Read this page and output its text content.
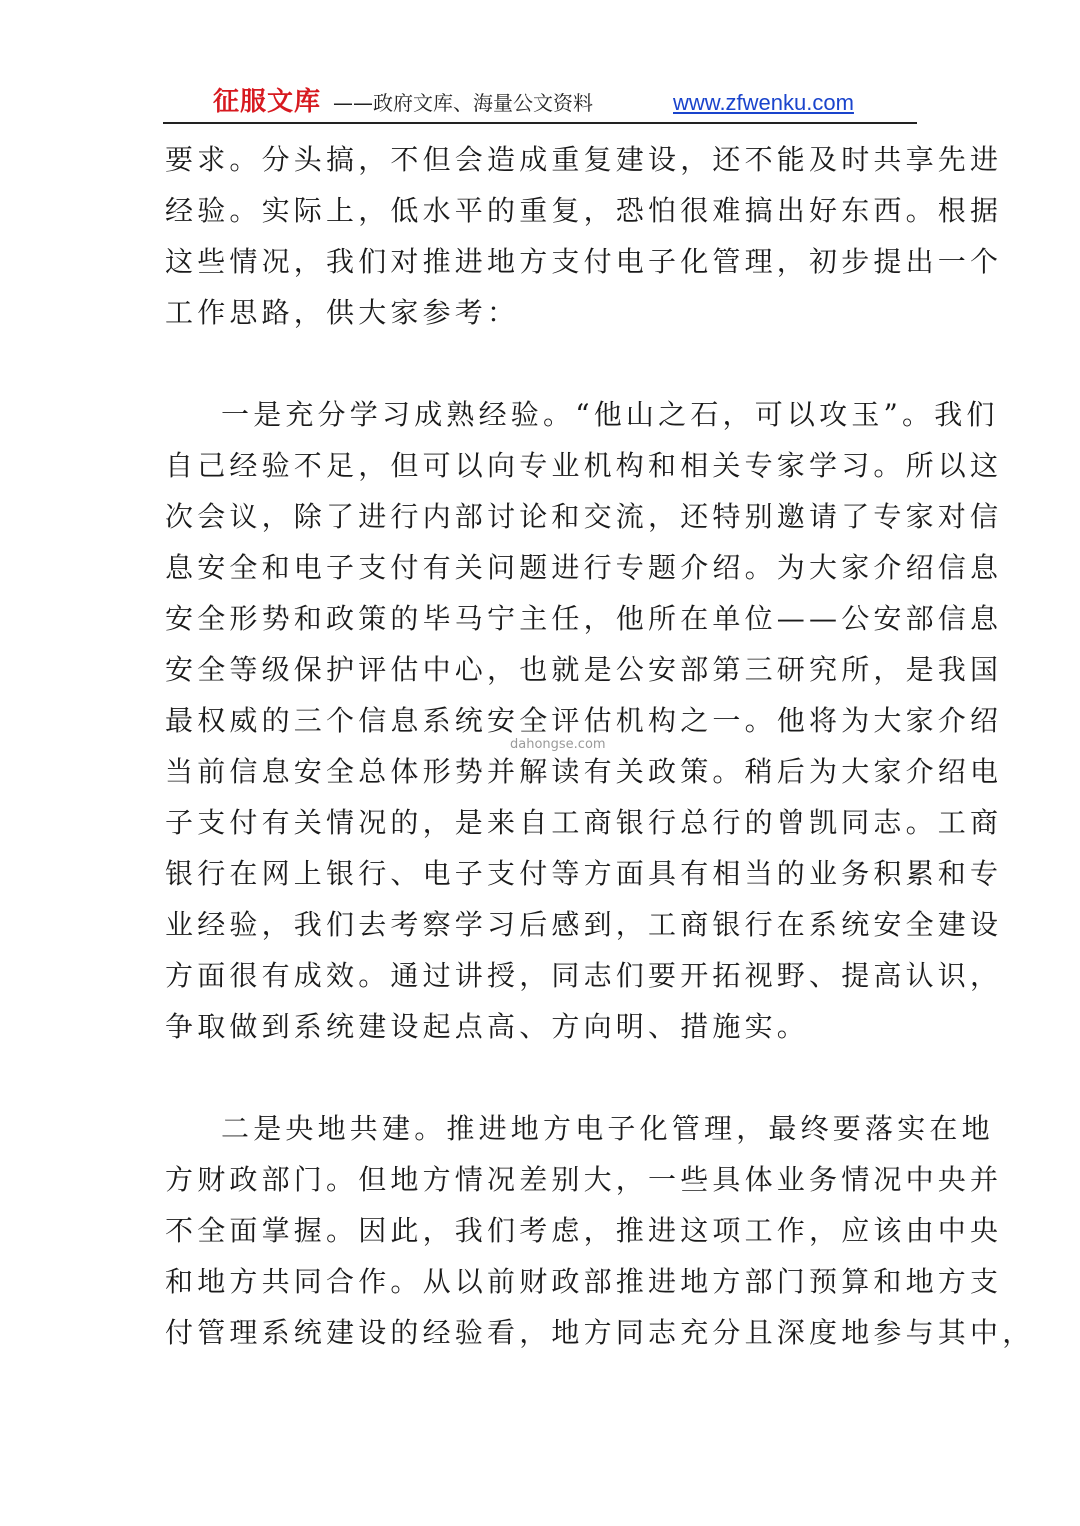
征服文库 ——政府文库、海量公文资料	www.zfwenku.com
要求。分头搞，不但会造成重复建设，还不能及时共享先进
经验。实际上，低水平的重复，恐怕很难搞出好东西。根据
这些情况，我们对推进地方支付电子化管理，初步提出一个
工作思路，供大家参考：
一是充分学习成熟经验。“他山之石，可以攻玉”。我们
自己经验不足，但可以向专业机构和相关专家学习。所以这
次会议，除了进行内部讨论和交流，还特别邀请了专家对信
息安全和电子支付有关问题进行专题介绍。为大家介绍信息
安全形势和政策的毕马宁主任，他所在单位——公安部信息
安全等级保护评估中心，也就是公安部第三研究所，是我国
最权威的三个信息系统安全评估机构之一。他将为大家介绍
当前信息安全总体形势并解读有关政策。稍后为大家介绍电
子支付有关情况的，是来自工商银行总行的曾凯同志。工商
银行在网上银行、电子支付等方面具有相当的业务积累和专
业经验，我们去考察学习后感到，工商银行在系统安全建设
方面很有成效。通过讲授，同志们要开拓视野、提高认识，
争取做到系统建设起点高、方向明、措施实。
二是央地共建。推进地方电子化管理，最终要落实在地
方财政部门。但地方情况差别大，一些具体业务情况中央并
不全面掌握。因此，我们考虑，推进这项工作，应该由中央
和地方共同合作。从以前财政部推进地方部门预算和地方支
付管理系统建设的经验看，地方同志充分且深度地参与其中，
dahongse.com
